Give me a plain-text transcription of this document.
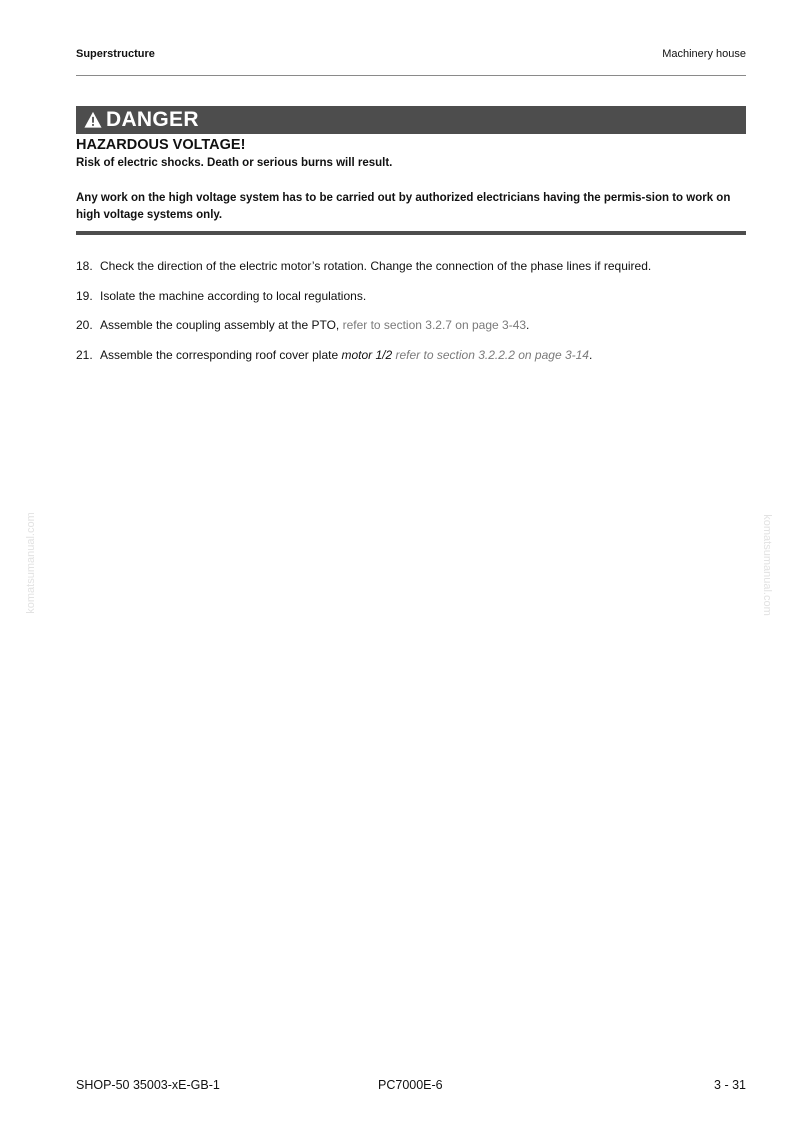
Superstructure	Machinery house
DANGER
HAZARDOUS VOLTAGE!
Risk of electric shocks. Death or serious burns will result.
Any work on the high voltage system has to be carried out by authorized electricians having the permis-sion to work on high voltage systems only.
18. Check the direction of the electric motor’s rotation. Change the connection of the phase lines if required.
19. Isolate the machine according to local regulations.
20. Assemble the coupling assembly at the PTO, refer to section 3.2.7 on page 3-43.
21. Assemble the corresponding roof cover plate motor 1/2 refer to section 3.2.2.2 on page 3-14.
komatsumanual.com	komatsumanual.com
SHOP-50 35003-xE-GB-1	PC7000E-6	3 - 31
